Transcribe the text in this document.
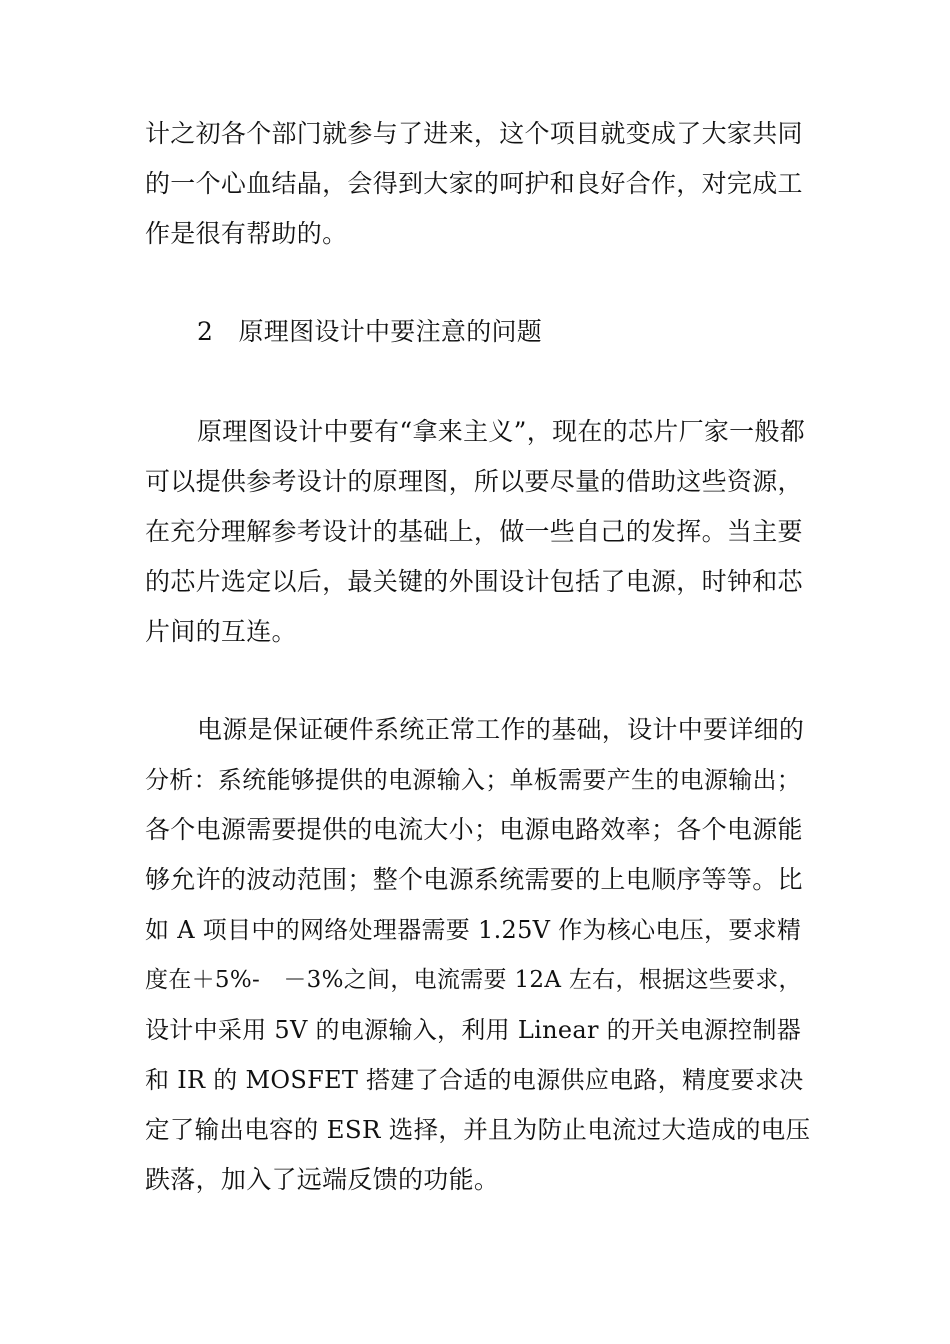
计之初各个部门就参与了进来，这个项目就变成了大家共同
的一个心血结晶，会得到大家的呵护和良好合作，对完成工
作是很有帮助的。
2　原理图设计中要注意的问题
原理图设计中要有“拿来主义”，现在的芯片厂家一般都
可以提供参考设计的原理图，所以要尽量的借助这些资源，
在充分理解参考设计的基础上，做一些自己的发挥。当主要
的芯片选定以后，最关键的外围设计包括了电源，时钟和芯
片间的互连。
电源是保证硬件系统正常工作的基础，设计中要详细的
分析：系统能够提供的电源输入；单板需要产生的电源输出；
各个电源需要提供的电流大小；电源电路效率；各个电源能
够允许的波动范围；整个电源系统需要的上电顺序等等。比
如 A 项目中的网络处理器需要 1.25V 作为核心电压，要求精
度在＋5%-　－3%之间，电流需要 12A 左右，根据这些要求，
设计中采用 5V 的电源输入，利用 Linear 的开关电源控制器
和 IR 的 MOSFET 搭建了合适的电源供应电路，精度要求决
定了输出电容的 ESR 选择，并且为防止电流过大造成的电压
跌落，加入了远端反馈的功能。
